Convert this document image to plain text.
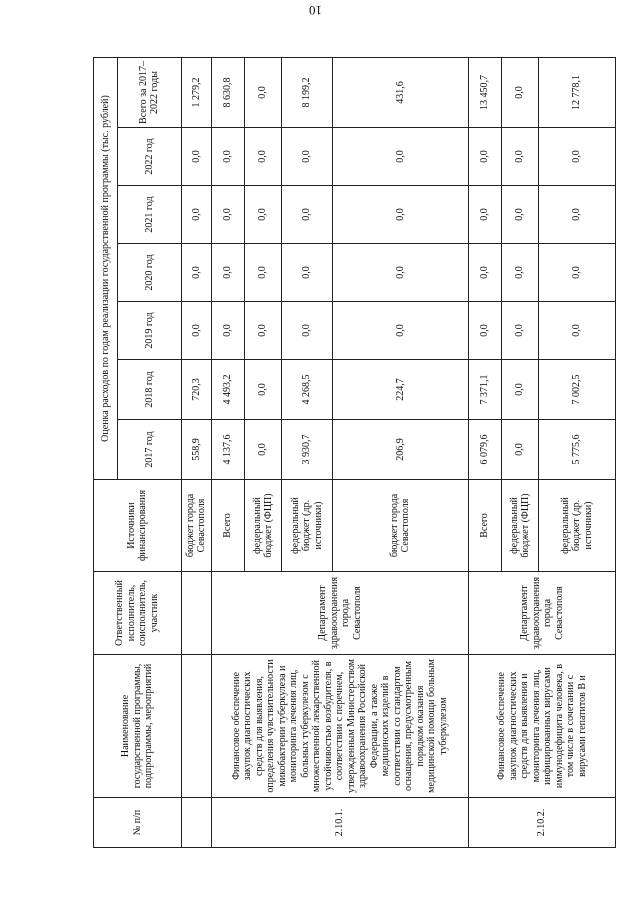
10
№ п/п	Наименование государственной программы, подпрограммы, мероприятий	Ответственный исполнитель, соисполнитель, участник	Источники финансирования	Оценка расходов по годам реализации государственной программы (тыс. рублей)						
				2017 год	2018 год	2019 год	2020 год	2021 год	2022 год	Всего за 2017–2022 годы
			бюджет города Севастополя	558,9	720,3	0,0	0,0	0,0	0,0	1 279,2
2.10.1.	Финансовое обеспечение закупок диагностических средств для выявления, определения чувствительности микобактерии туберкулеза и мониторинга лечения лиц, больных туберкулезом с множественной лекарственной устойчивостью возбудителя, в соответствии с перечнем, утвержденным Министерством здравоохранения Российской Федерации, а также медицинских изделий в соответствии со стандартом оснащения, предусмотренным порядком оказания медицинской помощи больным туберкулезом	Департамент здравоохранения города Севастополя	Всего	4 137,6	4 493,2	0,0	0,0	0,0	0,0	8 630,8
			федеральный бюджет (ФЦП)	0,0	0,0	0,0	0,0	0,0	0,0	0,0
			федеральный бюджет (др. источники)	3 930,7	4 268,5	0,0	0,0	0,0	0,0	8 199,2
			бюджет города Севастополя	206,9	224,7	0,0	0,0	0,0	0,0	431,6
2.10.2.	Финансовое обеспечение закупок диагностических средств для выявления и мониторинга лечения лиц, инфицированных вирусами иммунодефицита человека, в том числе в сочетании с вирусами гепатитов B и	Департамент здравоохранения города Севастополя	Всего	6 079,6	7 371,1	0,0	0,0	0,0	0,0	13 450,7
			федеральный бюджет (ФЦП)	0,0	0,0	0,0	0,0	0,0	0,0	0,0
			федеральный бюджет (др. источники)	5 775,6	7 002,5	0,0	0,0	0,0	0,0	12 778,1
